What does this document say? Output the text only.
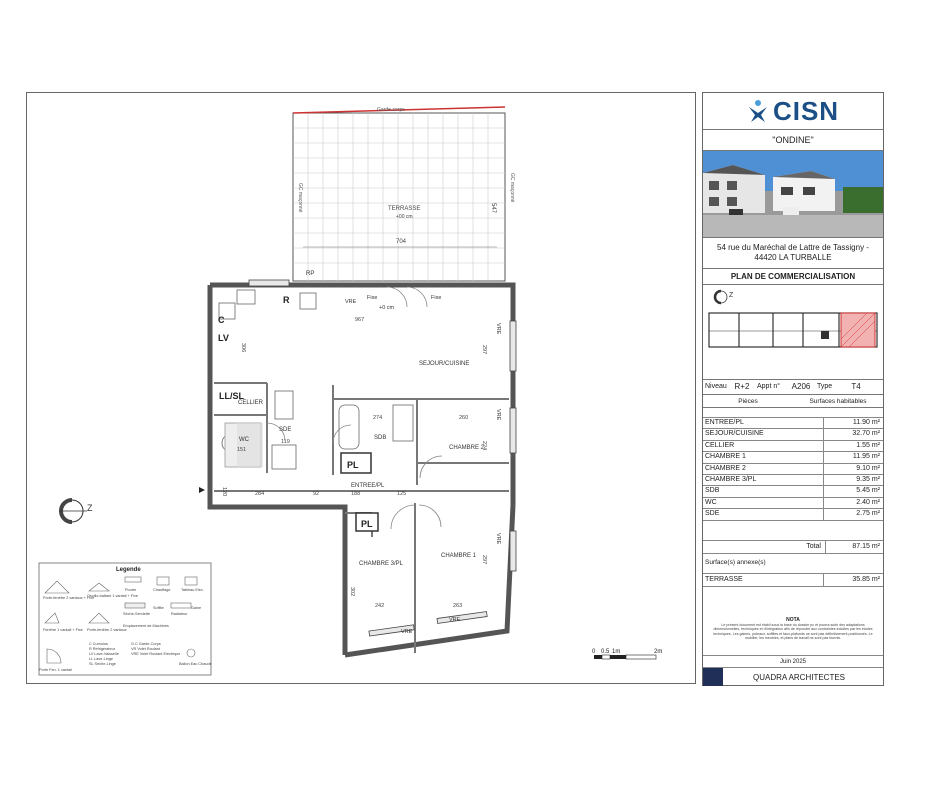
Garde-corps
TERRASSE
+00 cm
704
547
GC maçonné	GC maçonné
RP
SEJOUR/CUISINE
CHAMBRE 2
CHAMBRE 1
CHAMBRE 3/PL
ENTREE/PL
SDB
SDE
WC
CELLIER
LL/SL
LV
C
R
PL
PL
VRE
Fixe	Fixe
+0 cm
VRE
VRE
VRE
VRE
VRE
967
306	297
274	260
224
119
151
284	92	188	125
120
297
302
242	263
Z
0 0.5 1m	2m
Legende
Porte-fenêtre 2 vantaux + Fixe
Oscillo-battant 1 vantail + Fixe
Fenêtre 1 vantail + Fixe Porte-fenêtre 2 vantaux
Sèche-Serviette	Radiateur
Emplacement de Machines
Porte Fen. 1 vantail
Chauffage	Tableau Elec.
Poutre
Soffite	Gaine
Ballon Eau Chaude
C Cumulus
R Réfrigérateur
LV Lave-Vaisselle
LL Lave-Linge
SL Sèche-Linge
G.C Garde-Corps
VR Volet Roulant
VRE Volet Roulant Electrique
CISN
"ONDINE"
54 rue du Maréchal de Lattre de Tassigny -
44420 LA TURBALLE
PLAN DE COMMERCIALISATION
Z
Niveau R+2	Appt n°	A206 Type	T4
Pièces	Surfaces habitables
ENTREE/PL	11.90 m²
SEJOUR/CUISINE	32.70 m²
CELLIER	1.55 m²
CHAMBRE 1	11.95 m²
CHAMBRE 2	9.10 m²
CHAMBRE 3/PL	9.35 m²
SDB	5.45 m²
WC	2.40 m²
SDE	2.75 m²
Total	87.15 m²
Surface(s) annexe(s)
TERRASSE	35.85 m²
NOTA
Le présent document est établi sous la base du dossier pc et pourra subir des adaptations dimensionnelles, techniques et d'intégration afin de répondre aux contraintes induites par les études techniques. Les gaines, poteaux, soffites et faux-plafonds ne sont pas définitivement positionnés. Le mobilier, les meubles, et plans de travail ne sont pas fournis.
Juin 2025
QUADRA ARCHITECTES
